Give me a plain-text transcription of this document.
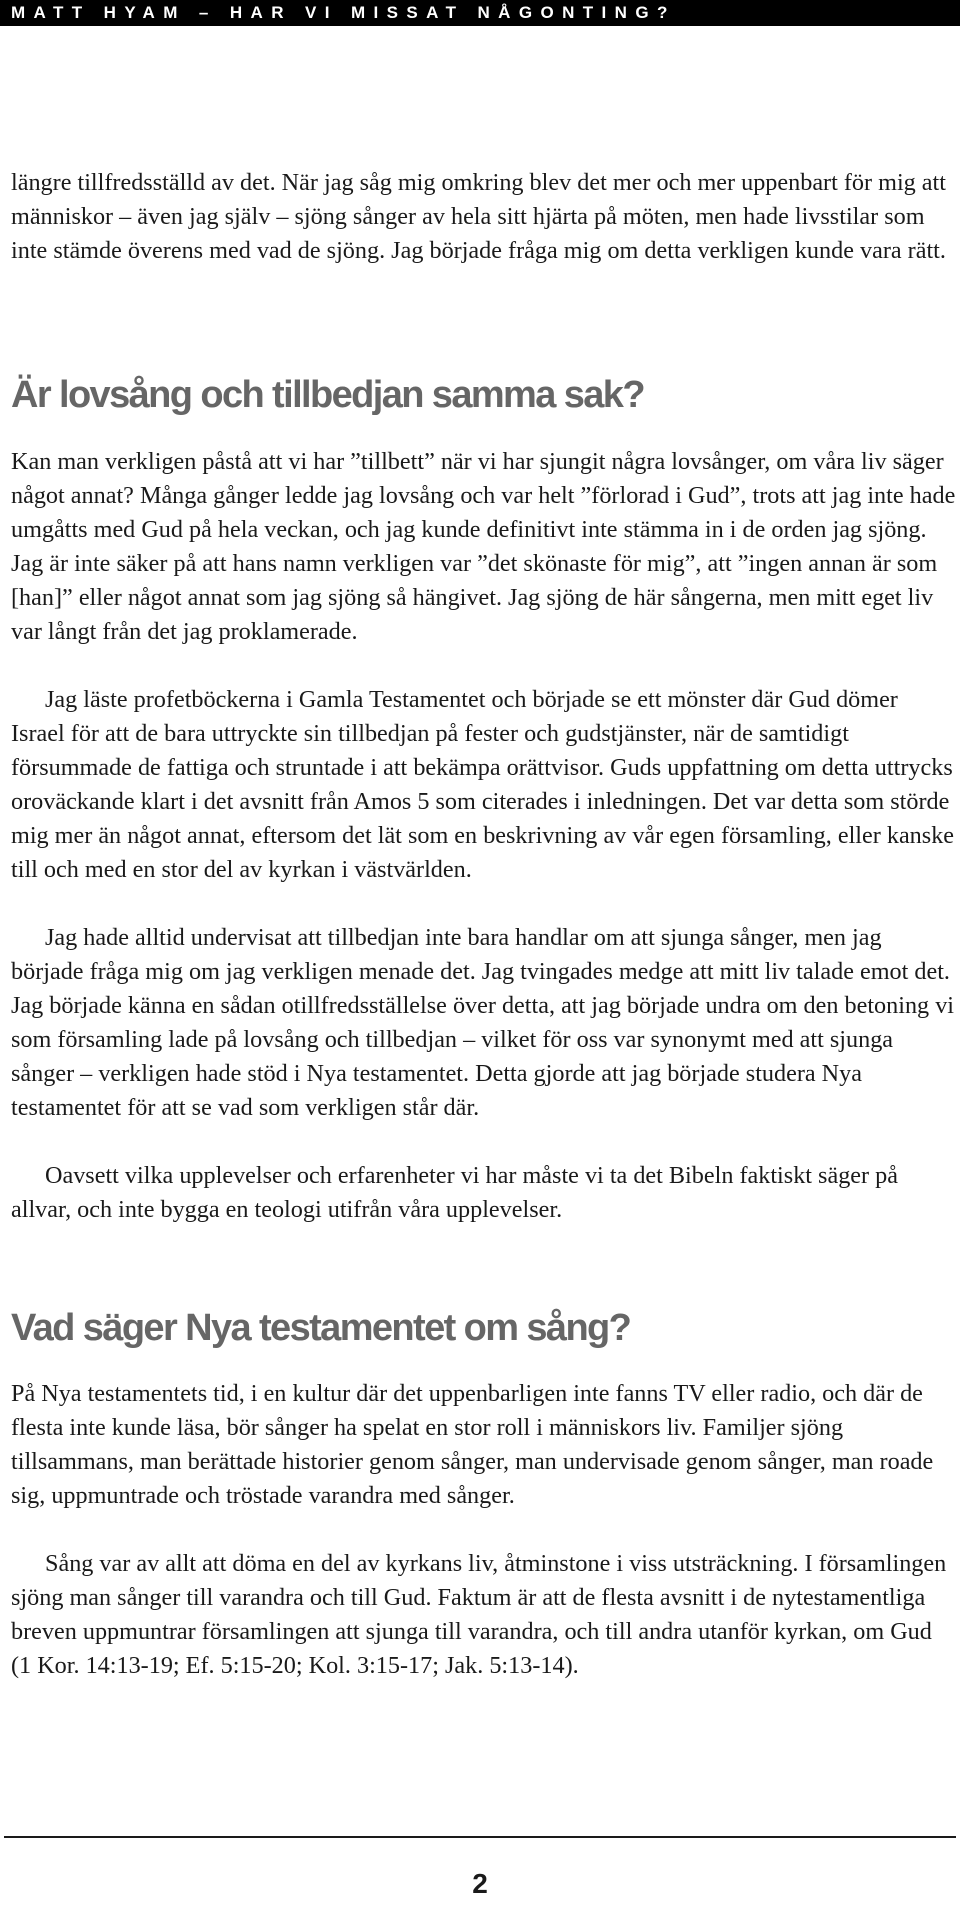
MATT HYAM – HAR VI MISSAT NÅGONTING?

längre tillfredsställd av det. När jag såg mig omkring blev det mer och mer uppenbart för mig att människor – även jag själv – sjöng sånger av hela sitt hjärta på möten, men hade livsstilar som inte stämde överens med vad de sjöng. Jag började fråga mig om detta verkligen kunde vara rätt.

Är lovsång och tillbedjan samma sak?

Kan man verkligen påstå att vi har ”tillbett” när vi har sjungit några lovsånger, om våra liv säger något annat? Många gånger ledde jag lovsång och var helt ”förlorad i Gud”, trots att jag inte hade umgåtts med Gud på hela veckan, och jag kunde definitivt inte stämma in i de orden jag sjöng. Jag är inte säker på att hans namn verkligen var ”det skönaste för mig”, att ”ingen annan är som [han]” eller något annat som jag sjöng så hängivet. Jag sjöng de här sångerna, men mitt eget liv var långt från det jag proklamerade.

Jag läste profetböckerna i Gamla Testamentet och började se ett mönster där Gud dömer Israel för att de bara uttryckte sin tillbedjan på fester och gudstjänster, när de samtidigt försummade de fattiga och struntade i att bekämpa orättvisor. Guds uppfattning om detta uttrycks oroväckande klart i det avsnitt från Amos 5 som citerades i inledningen. Det var detta som störde mig mer än något annat, eftersom det lät som en beskrivning av vår egen församling, eller kanske till och med en stor del av kyrkan i västvärlden.

Jag hade alltid undervisat att tillbedjan inte bara handlar om att sjunga sånger, men jag började fråga mig om jag verkligen menade det. Jag tvingades medge att mitt liv talade emot det. Jag började känna en sådan otillfredsställelse över detta, att jag började undra om den betoning vi som församling lade på lovsång och tillbedjan – vilket för oss var synonymt med att sjunga sånger – verkligen hade stöd i Nya testamentet. Detta gjorde att jag började studera Nya testamentet för att se vad som verkligen står där.

Oavsett vilka upplevelser och erfarenheter vi har måste vi ta det Bibeln faktiskt säger på allvar, och inte bygga en teologi utifrån våra upplevelser.

Vad säger Nya testamentet om sång?

På Nya testamentets tid, i en kultur där det uppenbarligen inte fanns TV eller radio, och där de flesta inte kunde läsa, bör sånger ha spelat en stor roll i människors liv. Familjer sjöng tillsammans, man berättade historier genom sånger, man undervisade genom sånger, man roade sig, uppmuntrade och tröstade varandra med sånger.

Sång var av allt att döma en del av kyrkans liv, åtminstone i viss utsträckning. I församlingen sjöng man sånger till varandra och till Gud. Faktum är att de flesta avsnitt i de nytestamentliga breven uppmuntrar församlingen att sjunga till varandra, och till andra utanför kyrkan, om Gud (1 Kor. 14:13-19; Ef. 5:15-20; Kol. 3:15-17; Jak. 5:13-14).

2
